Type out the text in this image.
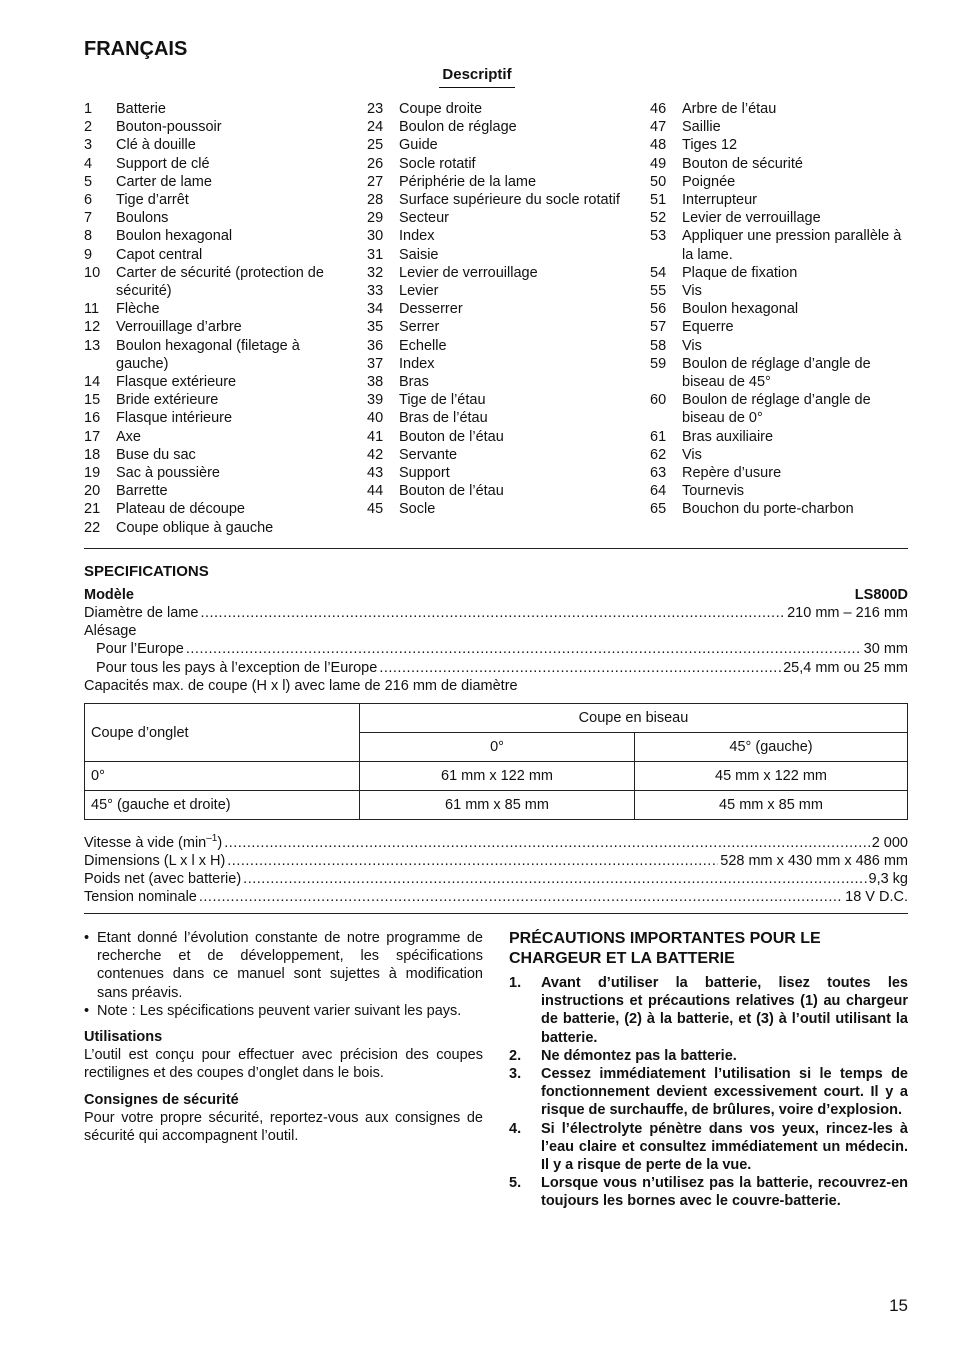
FRANÇAIS
Descriptif
1	Batterie
2	Bouton-poussoir
3	Clé à douille
4	Support de clé
5	Carter de lame
6	Tige d’arrêt
7	Boulons
8	Boulon hexagonal
9	Capot central
10	Carter de sécurité (protection de sécurité)
11	Flèche
12	Verrouillage d’arbre
13	Boulon hexagonal (filetage à gauche)
14	Flasque extérieure
15	Bride extérieure
16	Flasque intérieure
17	Axe
18	Buse du sac
19	Sac à poussière
20	Barrette
21	Plateau de découpe
22	Coupe oblique à gauche
23	Coupe droite
24	Boulon de réglage
25	Guide
26	Socle rotatif
27	Périphérie de la lame
28	Surface supérieure du socle rotatif
29	Secteur
30	Index
31	Saisie
32	Levier de verrouillage
33	Levier
34	Desserrer
35	Serrer
36	Echelle
37	Index
38	Bras
39	Tige de l’étau
40	Bras de l’étau
41	Bouton de l’étau
42	Servante
43	Support
44	Bouton de l’étau
45	Socle
46	Arbre de l’étau
47	Saillie
48	Tiges 12
49	Bouton de sécurité
50	Poignée
51	Interrupteur
52	Levier de verrouillage
53	Appliquer une pression parallèle à la lame.
54	Plaque de fixation
55	Vis
56	Boulon hexagonal
57	Equerre
58	Vis
59	Boulon de réglage d’angle de biseau de 45°
60	Boulon de réglage d’angle de biseau de 0°
61	Bras auxiliaire
62	Vis
63	Repère d’usure
64	Tournevis
65	Bouchon du porte-charbon
SPECIFICATIONS
Modèle	LS800D
Diamètre de lame .....	210 mm – 216 mm
Alésage
Pour l’Europe .....	30 mm
Pour tous les pays à l’exception de l’Europe .....	25,4 mm ou 25 mm
Capacités max. de coupe (H x l) avec lame de 216 mm de diamètre
Coupe d’onglet	Coupe en biseau	
	0°	45° (gauche)
0°	61 mm x 122 mm	45 mm x 122 mm
45° (gauche et droite)	61 mm x 85 mm	45 mm x 85 mm
Vitesse à vide $(\min^{-1})$ .....	2 000
Dimensions (L x l x H) .....	528 mm x 430 mm x 486 mm
Poids net (avec batterie) .....	9,3 kg
Tension nominale .....	18 V D.C.
• Etant donné l’évolution constante de notre programme de recherche et de développement, les spécifications contenues dans ce manuel sont sujettes à modification sans préavis.
• Note : Les spécifications peuvent varier suivant les pays.
Utilisations
L’outil est conçu pour effectuer avec précision des coupes rectilignes et des coupes d’onglet dans le bois.
Consignes de sécurité
Pour votre propre sécurité, reportez-vous aux consignes de sécurité qui accompagnent l’outil.
PRÉCAUTIONS IMPORTANTES POUR LE CHARGEUR ET LA BATTERIE
1.	Avant d’utiliser la batterie, lisez toutes les instructions et précautions relatives (1) au chargeur de batterie, (2) à la batterie, et (3) à l’outil utilisant la batterie.
2.	Ne démontez pas la batterie.
3.	Cessez immédiatement l’utilisation si le temps de fonctionnement devient excessivement court. Il y a risque de surchauffe, de brûlures, voire d’explosion.
4.	Si l’électrolyte pénètre dans vos yeux, rincez-les à l’eau claire et consultez immédiatement un médecin. Il y a risque de perte de la vue.
5.	Lorsque vous n’utilisez pas la batterie, recouvrez-en toujours les bornes avec le couvre-batterie.
15
